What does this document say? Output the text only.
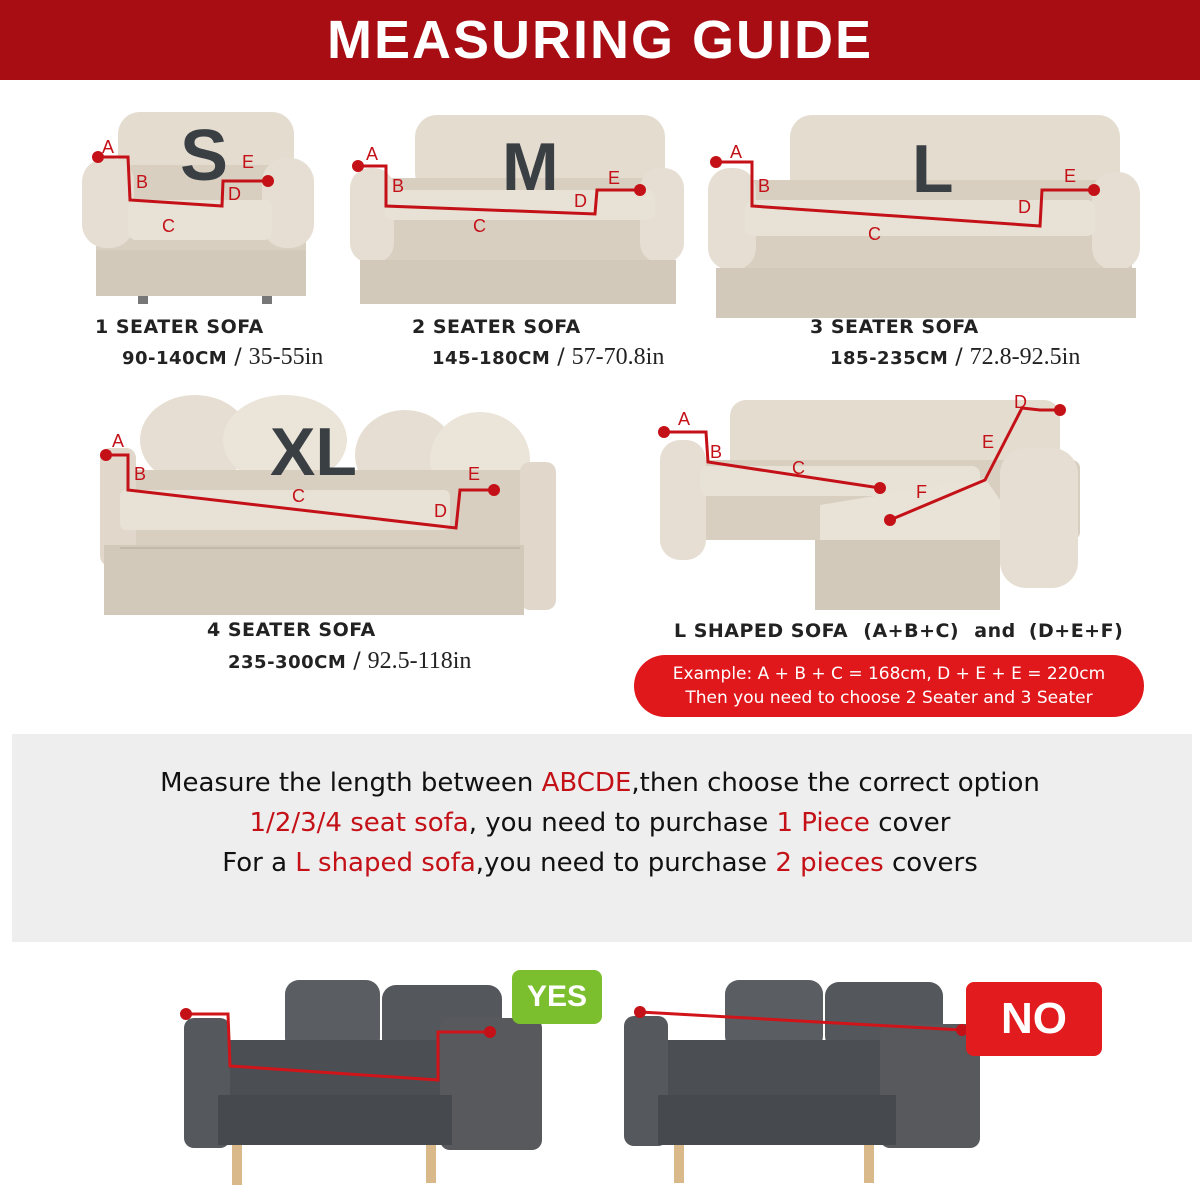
MEASURING GUIDE
S
A
B
C
D
E	M
A
B
C
D
E	L
A
B
C
D
E
XL
A
B
C
D
E
A
B
C
D
E
F
1 SEATER SOFA
90-140CM / 35-55in
2 SEATER SOFA
145-180CM / 57-70.8in
3 SEATER SOFA
185-235CM / 72.8-92.5in
4 SEATER SOFA
235-300CM / 92.5-118in
L SHAPED SOFA (A+B+C) and (D+E+F)
Example: A + B + C = 168cm, D + E + E = 220cm
Then you need to choose 2 Seater and 3 Seater
Measure the length between ABCDE,then choose the correct option
1/2/3/4 seat sofa, you need to purchase 1 Piece cover
For a L shaped sofa,you need to purchase 2 pieces covers
YES	NO
